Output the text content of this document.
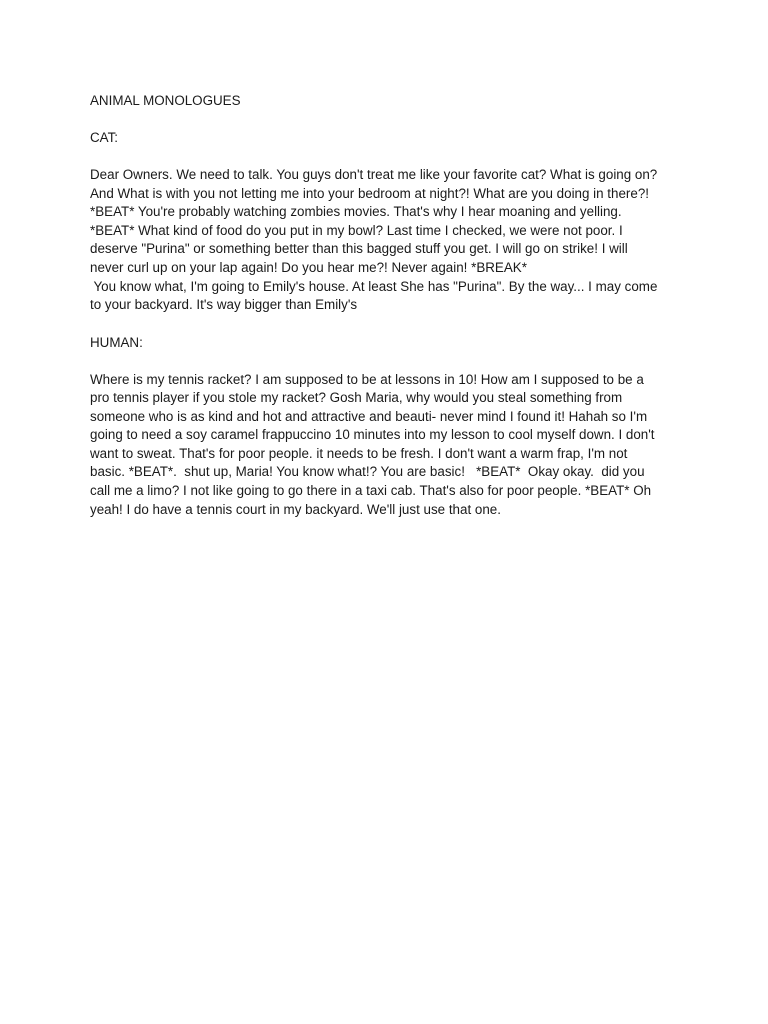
ANIMAL MONOLOGUES
CAT:
Dear Owners. We need to talk. You guys don't treat me like your favorite cat? What is going on?
And What is with you not letting me into your bedroom at night?! What are you doing in there?!
*BEAT* You're probably watching zombies movies. That's why I hear moaning and yelling.
*BEAT* What kind of food do you put in my bowl? Last time I checked, we were not poor. I
deserve "Purina" or something better than this bagged stuff you get. I will go on strike! I will
never curl up on your lap again! Do you hear me?! Never again! *BREAK*
You know what, I'm going to Emily's house. At least She has "Purina". By the way... I may come
to your backyard. It's way bigger than Emily's
HUMAN:
Where is my tennis racket? I am supposed to be at lessons in 10! How am I supposed to be a
pro tennis player if you stole my racket? Gosh Maria, why would you steal something from
someone who is as kind and hot and attractive and beauti- never mind I found it! Hahah so I'm
going to need a soy caramel frappuccino 10 minutes into my lesson to cool myself down. I don't
want to sweat. That's for poor people. it needs to be fresh. I don't want a warm frap, I'm not
basic. *BEAT*.  shut up, Maria! You know what!? You are basic!   *BEAT*  Okay okay.  did you
call me a limo? I not like going to go there in a taxi cab. That's also for poor people. *BEAT* Oh
yeah! I do have a tennis court in my backyard. We'll just use that one.
